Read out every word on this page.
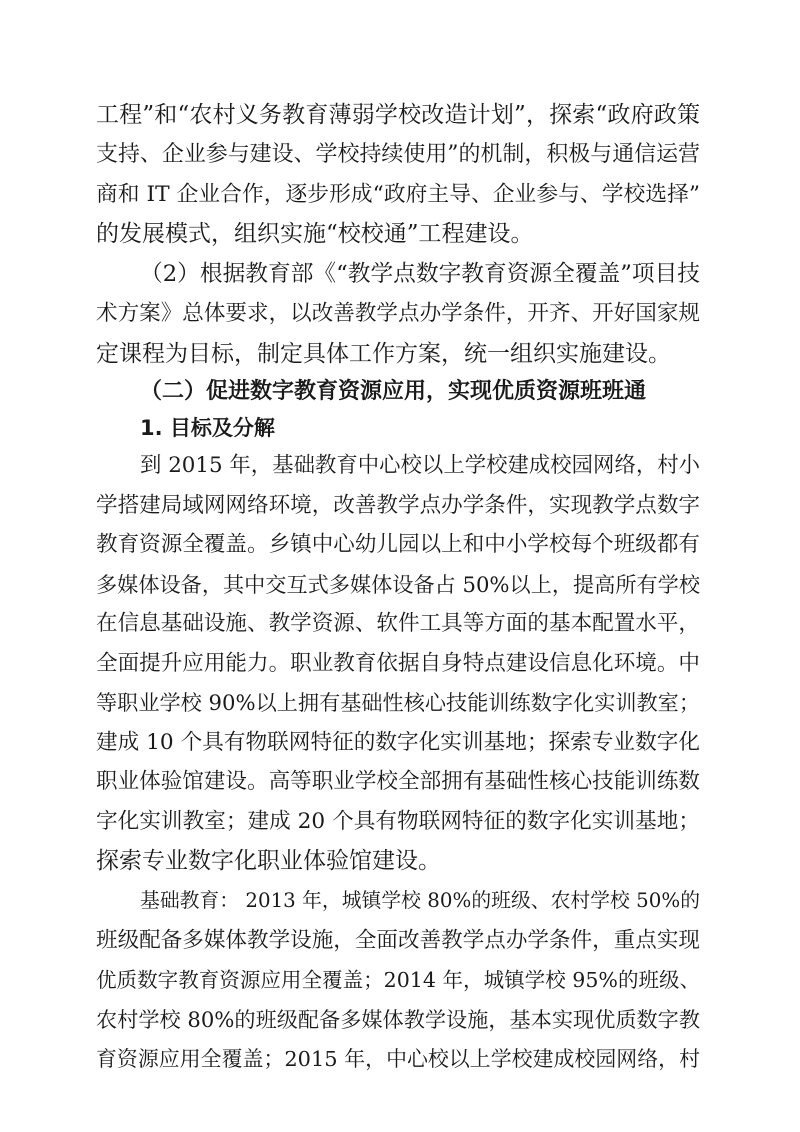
工程”和“农村义务教育薄弱学校改造计划”，探索“政府政策
支持、企业参与建设、学校持续使用”的机制，积极与通信运营
商和 IT 企业合作，逐步形成“政府主导、企业参与、学校选择”
的发展模式，组织实施“校校通”工程建设。
（2）根据教育部《“教学点数字教育资源全覆盖”项目技
术方案》总体要求，以改善教学点办学条件，开齐、开好国家规
定课程为目标，制定具体工作方案，统一组织实施建设。
（二）促进数字教育资源应用，实现优质资源班班通
1. 目标及分解
到 2015 年，基础教育中心校以上学校建成校园网络，村小
学搭建局域网网络环境，改善教学点办学条件，实现教学点数字
教育资源全覆盖。乡镇中心幼儿园以上和中小学校每个班级都有
多媒体设备，其中交互式多媒体设备占 50%以上，提高所有学校
在信息基础设施、教学资源、软件工具等方面的基本配置水平，
全面提升应用能力。职业教育依据自身特点建设信息化环境。中
等职业学校 90%以上拥有基础性核心技能训练数字化实训教室；
建成 10 个具有物联网特征的数字化实训基地；探索专业数字化
职业体验馆建设。高等职业学校全部拥有基础性核心技能训练数
字化实训教室；建成 20 个具有物联网特征的数字化实训基地；
探索专业数字化职业体验馆建设。
基础教育： 2013 年，城镇学校 80%的班级、农村学校 50%的
班级配备多媒体教学设施，全面改善教学点办学条件，重点实现
优质数字教育资源应用全覆盖；2014 年，城镇学校 95%的班级、
农村学校 80%的班级配备多媒体教学设施，基本实现优质数字教
育资源应用全覆盖；2015 年，中心校以上学校建成校园网络，村
